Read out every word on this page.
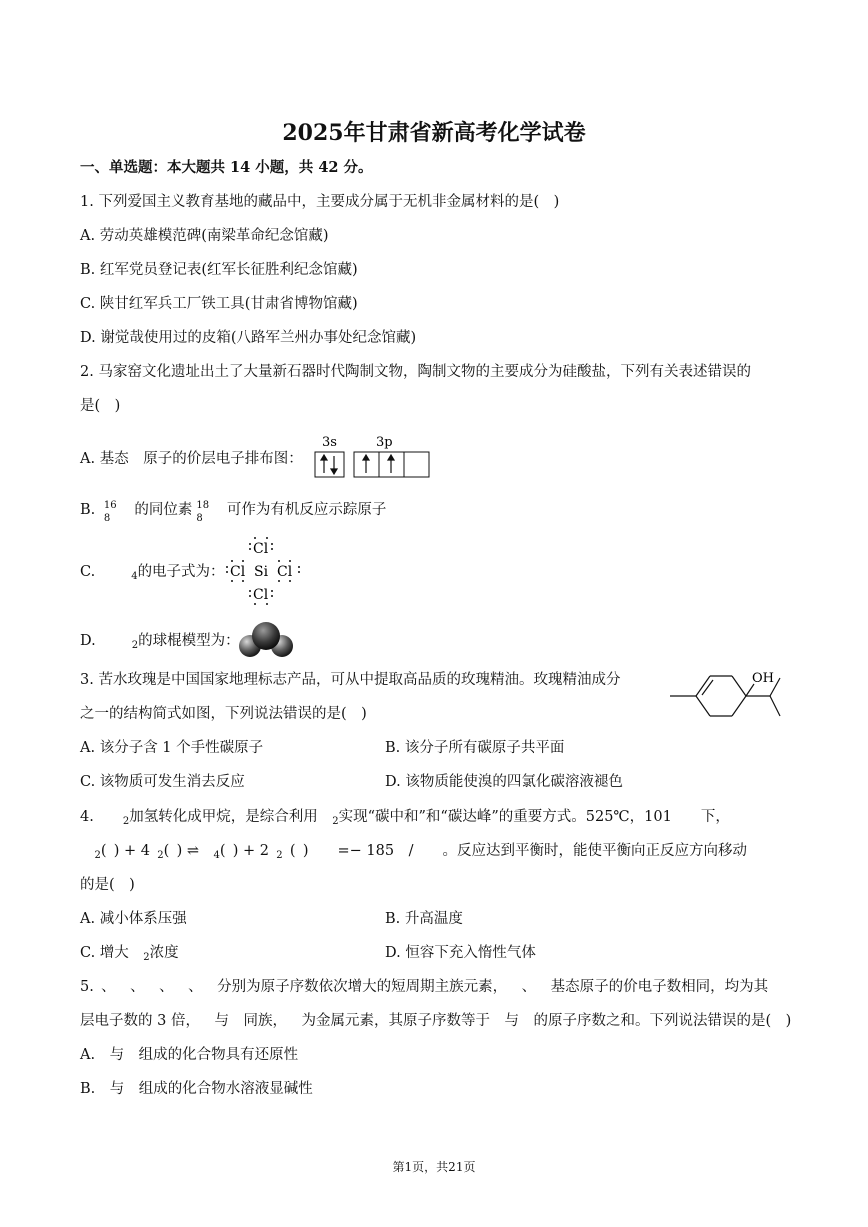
2025年甘肃省新高考化学试卷
一、单选题：本大题共 14 小题，共 42 分。
1. 下列爱国主义教育基地的藏品中，主要成分属于无机非金属材料的是( )
A. 劳动英雄模范碑(南梁革命纪念馆藏)
B. 红军党员登记表(红军长征胜利纪念馆藏)
C. 陕甘红军兵工厂铁工具(甘肃省博物馆藏)
D. 谢觉哉使用过的皮箱(八路军兰州办事处纪念馆藏)
2. 马家窑文化遗址出土了大量新石器时代陶制文物，陶制文物的主要成分为硅酸盐，下列有关表述错误的
是( )
A. 基态 原子的价层电子排布图：
3s	3p
B. 16
8
 的同位素 18
8
 可作为有机反应示踪原子
C.	$_4$的电子式为：
Cl
Cl Si Cl
Cl
D.	$_2$的球棍模型为：
3. 苦水玫瑰是中国国家地理标志产品，可从中提取高品质的玫瑰精油。玫瑰精油成分
之一的结构简式如图，下列说法错误的是( )
OH
A. 该分子含 1 个手性碳原子	B. 该分子所有碳原子共平面
C. 该物质可发生消去反应	D. 该物质能使溴的四氯化碳溶液褪色
4.  $_2$加氢转化成甲烷，是综合利用 $_2$实现“碳中和”和“碳达峰”的重要方式。525℃，101  下，
 $_2$( ) + 4 $_2$( ) ⇌ $_4$( ) + 2 $_2$ ( )  =− 185 /  。反应达到平衡时，能使平衡向正反应方向移动
的是( )
A. 减小体系压强	B. 升高温度
C. 增大 $_2$浓度	D. 恒容下充入惰性气体
5. 、 、 、 、 分别为原子序数依次增大的短周期主族元素， 、 基态原子的价电子数相同，均为其
层电子数的 3 倍， 与 同族， 为金属元素，其原子序数等于 与 的原子序数之和。下列说法错误的是( )
A. 与 组成的化合物具有还原性
B. 与 组成的化合物水溶液显碱性
第1页，共21页
